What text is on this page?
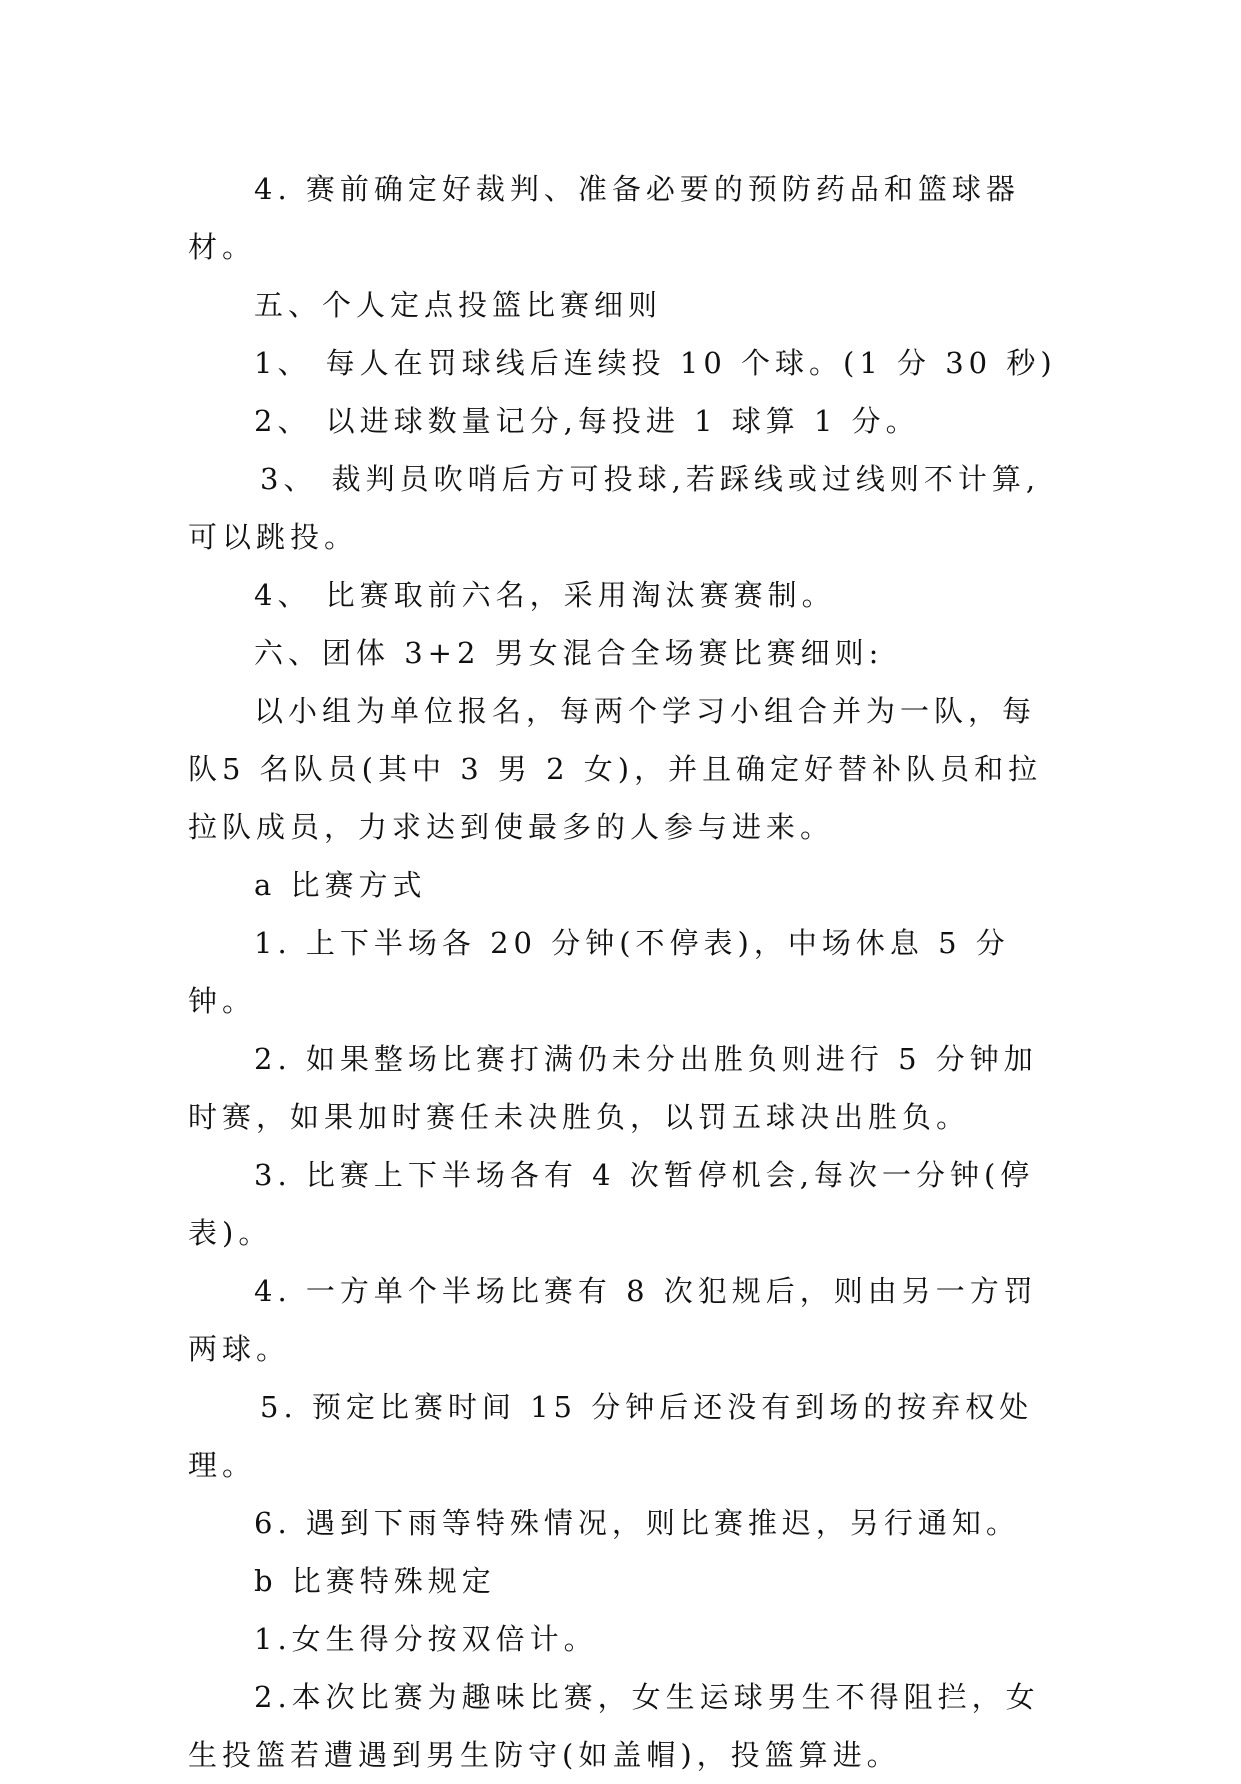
4. 赛前确定好裁判、准备必要的预防药品和篮球器材。

五、个人定点投篮比赛细则

1、 每人在罚球线后连续投 10 个球。(1 分 30 秒)

2、 以进球数量记分,每投进 1 球算 1 分。

3、 裁判员吹哨后方可投球,若踩线或过线则不计算,可以跳投。

4、 比赛取前六名，采用淘汰赛赛制。

六、团体 3+2 男女混合全场赛比赛细则:

以小组为单位报名，每两个学习小组合并为一队，每队5 名队员(其中 3 男 2 女)，并且确定好替补队员和拉拉队成员，力求达到使最多的人参与进来。

a 比赛方式

1. 上下半场各 20 分钟(不停表)，中场休息 5 分钟。

2. 如果整场比赛打满仍未分出胜负则进行 5 分钟加时赛，如果加时赛任未决胜负，以罚五球决出胜负。

3. 比赛上下半场各有 4 次暂停机会,每次一分钟(停表)。

4. 一方单个半场比赛有 8 次犯规后，则由另一方罚两球。

5. 预定比赛时间 15 分钟后还没有到场的按弃权处理。

6. 遇到下雨等特殊情况，则比赛推迟，另行通知。

b 比赛特殊规定

1.女生得分按双倍计。

2.本次比赛为趣味比赛，女生运球男生不得阻拦，女生投篮若遭遇到男生防守(如盖帽)，投篮算进。
